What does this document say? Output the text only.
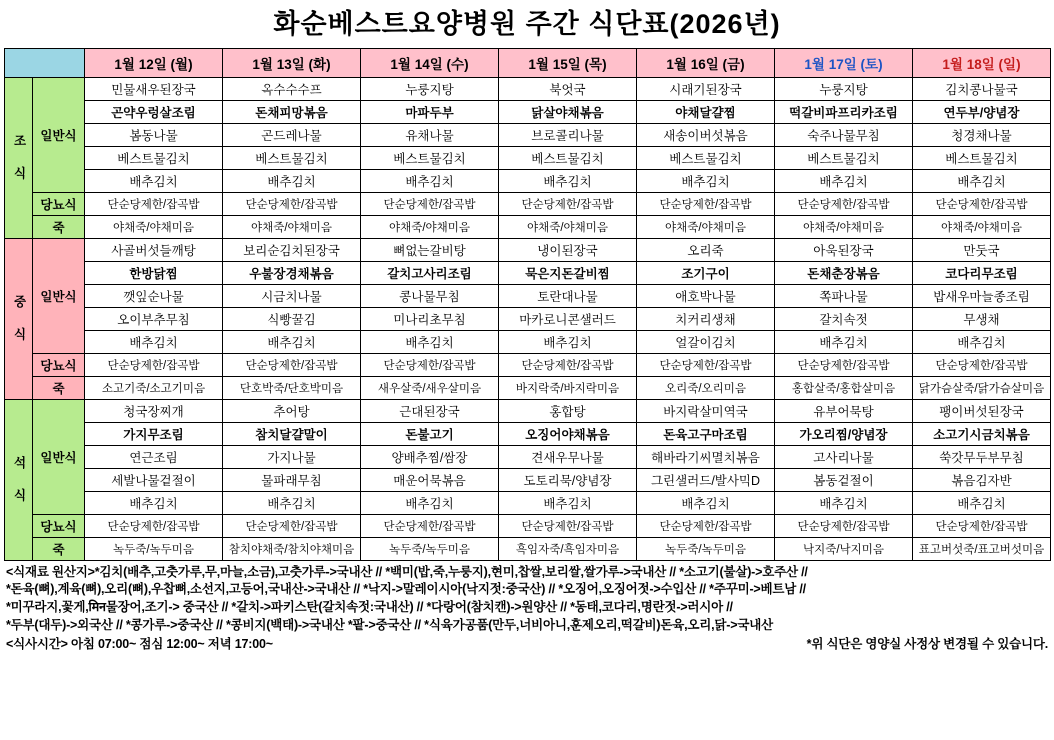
화순베스트요양병원 주간 식단표(2026년)
		1월 12일 (월)	1월 13일 (화)	1월 14일 (수)	1월 15일 (목)	1월 16일 (금)	1월 17일 (토)	1월 18일 (일)
조 식	일반식	민물새우된장국	옥수수수프	누룽지탕	북엇국	시래기된장국	누룽지탕	김치콩나물국
		곤약우렁살조림	돈채피망볶음	마파두부	닭살야채볶음	야채달걀찜	떡갈비파프리카조림	연두부/양념장
		봄동나물	곤드레나물	유채나물	브로콜리나물	새송이버섯볶음	숙주나물무침	청경채나물
		베스트물김치	베스트물김치	베스트물김치	베스트물김치	베스트물김치	베스트물김치	베스트물김치
		배추김치	배추김치	배추김치	배추김치	배추김치	배추김치	배추김치
	당뇨식	단순당제한/잡곡밥	단순당제한/잡곡밥	단순당제한/잡곡밥	단순당제한/잡곡밥	단순당제한/잡곡밥	단순당제한/잡곡밥	단순당제한/잡곡밥
	죽	야채죽/야채미음	야채죽/야채미음	야채죽/야채미음	야채죽/야채미음	야채죽/야채미음	야채죽/야채미음	야채죽/야채미음
중 식	일반식	사골버섯들깨탕	보리순김치된장국	뼈없는갈비탕	냉이된장국	오리죽	아욱된장국	만둣국
		한방닭찜	우불장경채볶음	갈치고사리조림	묵은지돈갈비찜	조기구이	돈채춘장볶음	코다리무조림
		깻잎순나물	시금치나물	콩나물무침	토란대나물	애호박나물	쪽파나물	밥새우마늘종조림
		오이부추무침	식빵꿀김	미나리초무침	마카로니콘샐러드	치커리생채	갈치속젓	무생채
		배추김치	배추김치	배추김치	배추김치	얼갈이김치	배추김치	배추김치
	당뇨식	단순당제한/잡곡밥	단순당제한/잡곡밥	단순당제한/잡곡밥	단순당제한/잡곡밥	단순당제한/잡곡밥	단순당제한/잡곡밥	단순당제한/잡곡밥
	죽	소고기죽/소고기미음	단호박죽/단호박미음	새우살죽/새우살미음	바지락죽/바지락미음	오리죽/오리미음	홍합살죽/홍합살미음	닭가슴살죽/닭가슴살미음
석 식	일반식	청국장찌개	추어탕	근대된장국	홍합탕	바지락살미역국	유부어묵탕	팽이버섯된장국
		가지무조림	참치달걀말이	돈불고기	오징어야채볶음	돈육고구마조림	가오리찜/양념장	소고기시금치볶음
		연근조림	가지나물	양배추찜/쌈장	견새우무나물	해바라기씨멸치볶음	고사리나물	쑥갓무두부무침
		세발나물겉절이	물파래무침	매운어묵볶음	도토리묵/양념장	그린샐러드/발사믹D	봄동겉절이	볶음김자반
		배추김치	배추김치	배추김치	배추김치	배추김치	배추김치	배추김치
	당뇨식	단순당제한/잡곡밥	단순당제한/잡곡밥	단순당제한/잡곡밥	단순당제한/잡곡밥	단순당제한/잡곡밥	단순당제한/잡곡밥	단순당제한/잡곡밥
	죽	녹두죽/녹두미음	참치야채죽/참치야채미음	녹두죽/녹두미음	흑임자죽/흑임자미음	녹두죽/녹두미음	낙지죽/낙지미음	표고버섯죽/표고버섯미음
<식재료 원산지>*김치(배추,고춧가루,무,마늘,소금),고춧가루->국내산 // *백미(밥,죽,누룽지),현미,찹쌀,보리쌀,쌀가루->국내산 // *소고기(불살)->호주산 //
*돈육(뼈),계육(뼈),오리(뼈),우찹뼈,소선지,고등어,국내산->국내산 // *낙지->말레이시아(낙지젓:중국산) // *오징어,오징어젓->수입산 // *주꾸미->베트남 //
*미꾸라지,꽃게,मिन물장어,조기-> 중국산 // *갈치->파키스탄(갈치속젓:국내산) // *다랑어(참치캔)->원양산 // *동태,코다리,명란젓->러시아 //
*두부(대두)->외국산 // *콩가루->중국산 // *콩비지(백태)->국내산 *팥->중국산 // *식육가공품(만두,너비아니,훈제오리,떡갈비)돈육,오리,닭->국내산
<식사시간> 아침 07:00~ 점심 12:00~ 저녁 17:00~	*위 식단은 영양실 사정상 변경될 수 있습니다.
